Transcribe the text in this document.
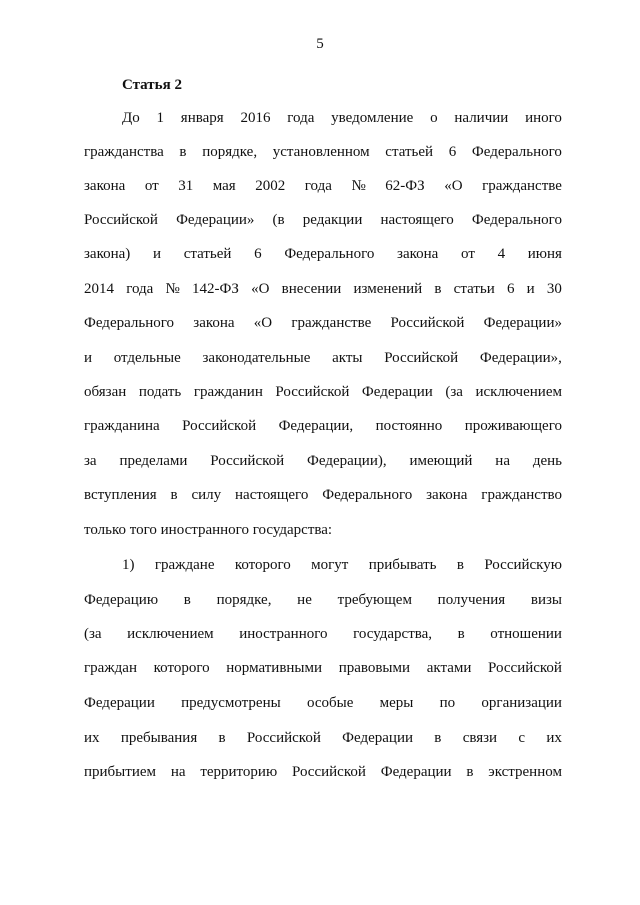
5
Статья 2
До 1 января 2016 года уведомление о наличии иного
гражданства в порядке, установленном статьей 6 Федерального
закона от 31 мая 2002 года № 62-ФЗ «О гражданстве
Российской Федерации» (в редакции настоящего Федерального
закона) и статьей 6 Федерального закона от 4 июня
2014 года № 142-ФЗ «О внесении изменений в статьи 6 и 30
Федерального закона «О гражданстве Российской Федерации»
и отдельные законодательные акты Российской Федерации»,
обязан подать гражданин Российской Федерации (за исключением
гражданина Российской Федерации, постоянно проживающего
за пределами Российской Федерации), имеющий на день
вступления в силу настоящего Федерального закона гражданство
только того иностранного государства:
1) граждане которого могут прибывать в Российскую
Федерацию в порядке, не требующем получения визы
(за исключением иностранного государства, в отношении
граждан которого нормативными правовыми актами Российской
Федерации предусмотрены особые меры по организации
их пребывания в Российской Федерации в связи с их
прибытием на территорию Российской Федерации в экстренном
